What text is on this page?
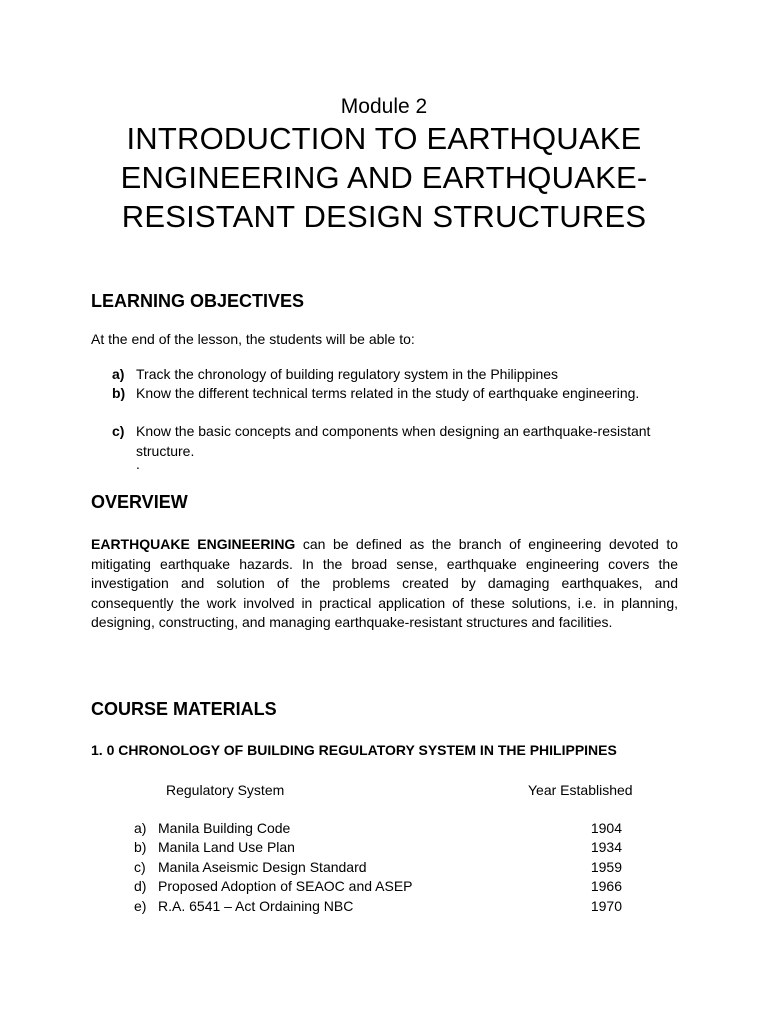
Module 2
INTRODUCTION TO EARTHQUAKE
ENGINEERING AND EARTHQUAKE-
RESISTANT DESIGN STRUCTURES
LEARNING OBJECTIVES
At the end of the lesson, the students will be able to:
a) Track the chronology of building regulatory system in the Philippines
b) Know the different technical terms related in the study of earthquake engineering.
c) Know the basic concepts and components when designing an earthquake-resistant structure.
.
OVERVIEW
EARTHQUAKE ENGINEERING can be defined as the branch of engineering devoted to mitigating earthquake hazards. In the broad sense, earthquake engineering covers the investigation and solution of the problems created by damaging earthquakes, and consequently the work involved in practical application of these solutions, i.e. in planning, designing, constructing, and managing earthquake-resistant structures and facilities.
COURSE MATERIALS
1. 0 CHRONOLOGY OF BUILDING REGULATORY SYSTEM IN THE PHILIPPINES
Regulatory System	Year Established
a) Manila Building Code	1904
b) Manila Land Use Plan	1934
c) Manila Aseismic Design Standard	1959
d) Proposed Adoption of SEAOC and ASEP	1966
e) R.A. 6541 – Act Ordaining NBC	1970
